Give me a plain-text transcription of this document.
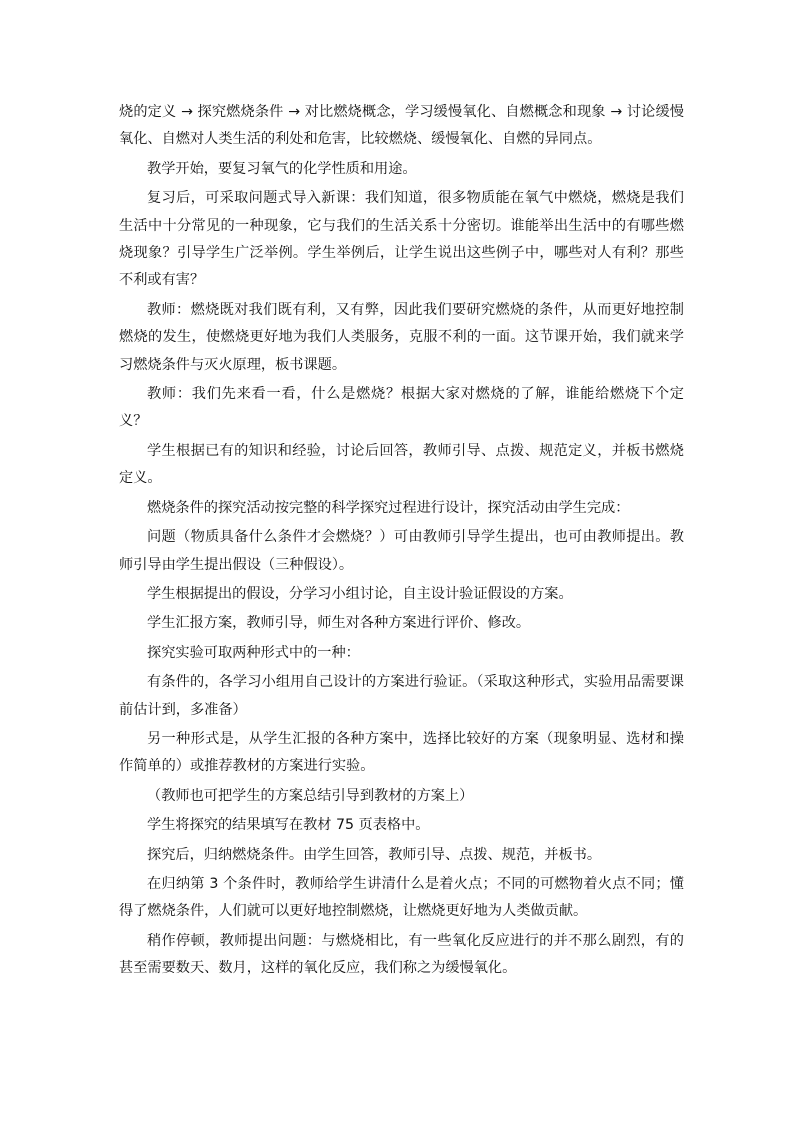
烧的定义 → 探究燃烧条件 → 对比燃烧概念，学习缓慢氧化、自燃概念和现象 → 讨论缓慢氧化、自燃对人类生活的利处和危害，比较燃烧、缓慢氧化、自燃的异同点。

教学开始，要复习氧气的化学性质和用途。

复习后，可采取问题式导入新课：我们知道，很多物质能在氧气中燃烧，燃烧是我们生活中十分常见的一种现象，它与我们的生活关系十分密切。谁能举出生活中的有哪些燃烧现象？引导学生广泛举例。学生举例后，让学生说出这些例子中，哪些对人有利？那些不利或有害？

教师：燃烧既对我们既有利，又有弊，因此我们要研究燃烧的条件，从而更好地控制燃烧的发生，使燃烧更好地为我们人类服务，克服不利的一面。这节课开始，我们就来学习燃烧条件与灭火原理，板书课题。

教师：我们先来看一看，什么是燃烧？根据大家对燃烧的了解，谁能给燃烧下个定义？

学生根据已有的知识和经验，讨论后回答，教师引导、点拨、规范定义，并板书燃烧定义。

燃烧条件的探究活动按完整的科学探究过程进行设计，探究活动由学生完成：

问题（物质具备什么条件才会燃烧？）可由教师引导学生提出，也可由教师提出。教师引导由学生提出假设（三种假设）。

学生根据提出的假设，分学习小组讨论，自主设计验证假设的方案。

学生汇报方案，教师引导，师生对各种方案进行评价、修改。

探究实验可取两种形式中的一种：

有条件的，各学习小组用自己设计的方案进行验证。（采取这种形式，实验用品需要课前估计到，多准备）

另一种形式是，从学生汇报的各种方案中，选择比较好的方案（现象明显、选材和操作简单的）或推荐教材的方案进行实验。

（教师也可把学生的方案总结引导到教材的方案上）

学生将探究的结果填写在教材 75 页表格中。

探究后，归纳燃烧条件。由学生回答，教师引导、点拨、规范，并板书。

在归纳第 3 个条件时，教师给学生讲清什么是着火点；不同的可燃物着火点不同；懂得了燃烧条件，人们就可以更好地控制燃烧，让燃烧更好地为人类做贡献。

稍作停顿，教师提出问题：与燃烧相比，有一些氧化反应进行的并不那么剧烈，有的甚至需要数天、数月，这样的氧化反应，我们称之为缓慢氧化。
